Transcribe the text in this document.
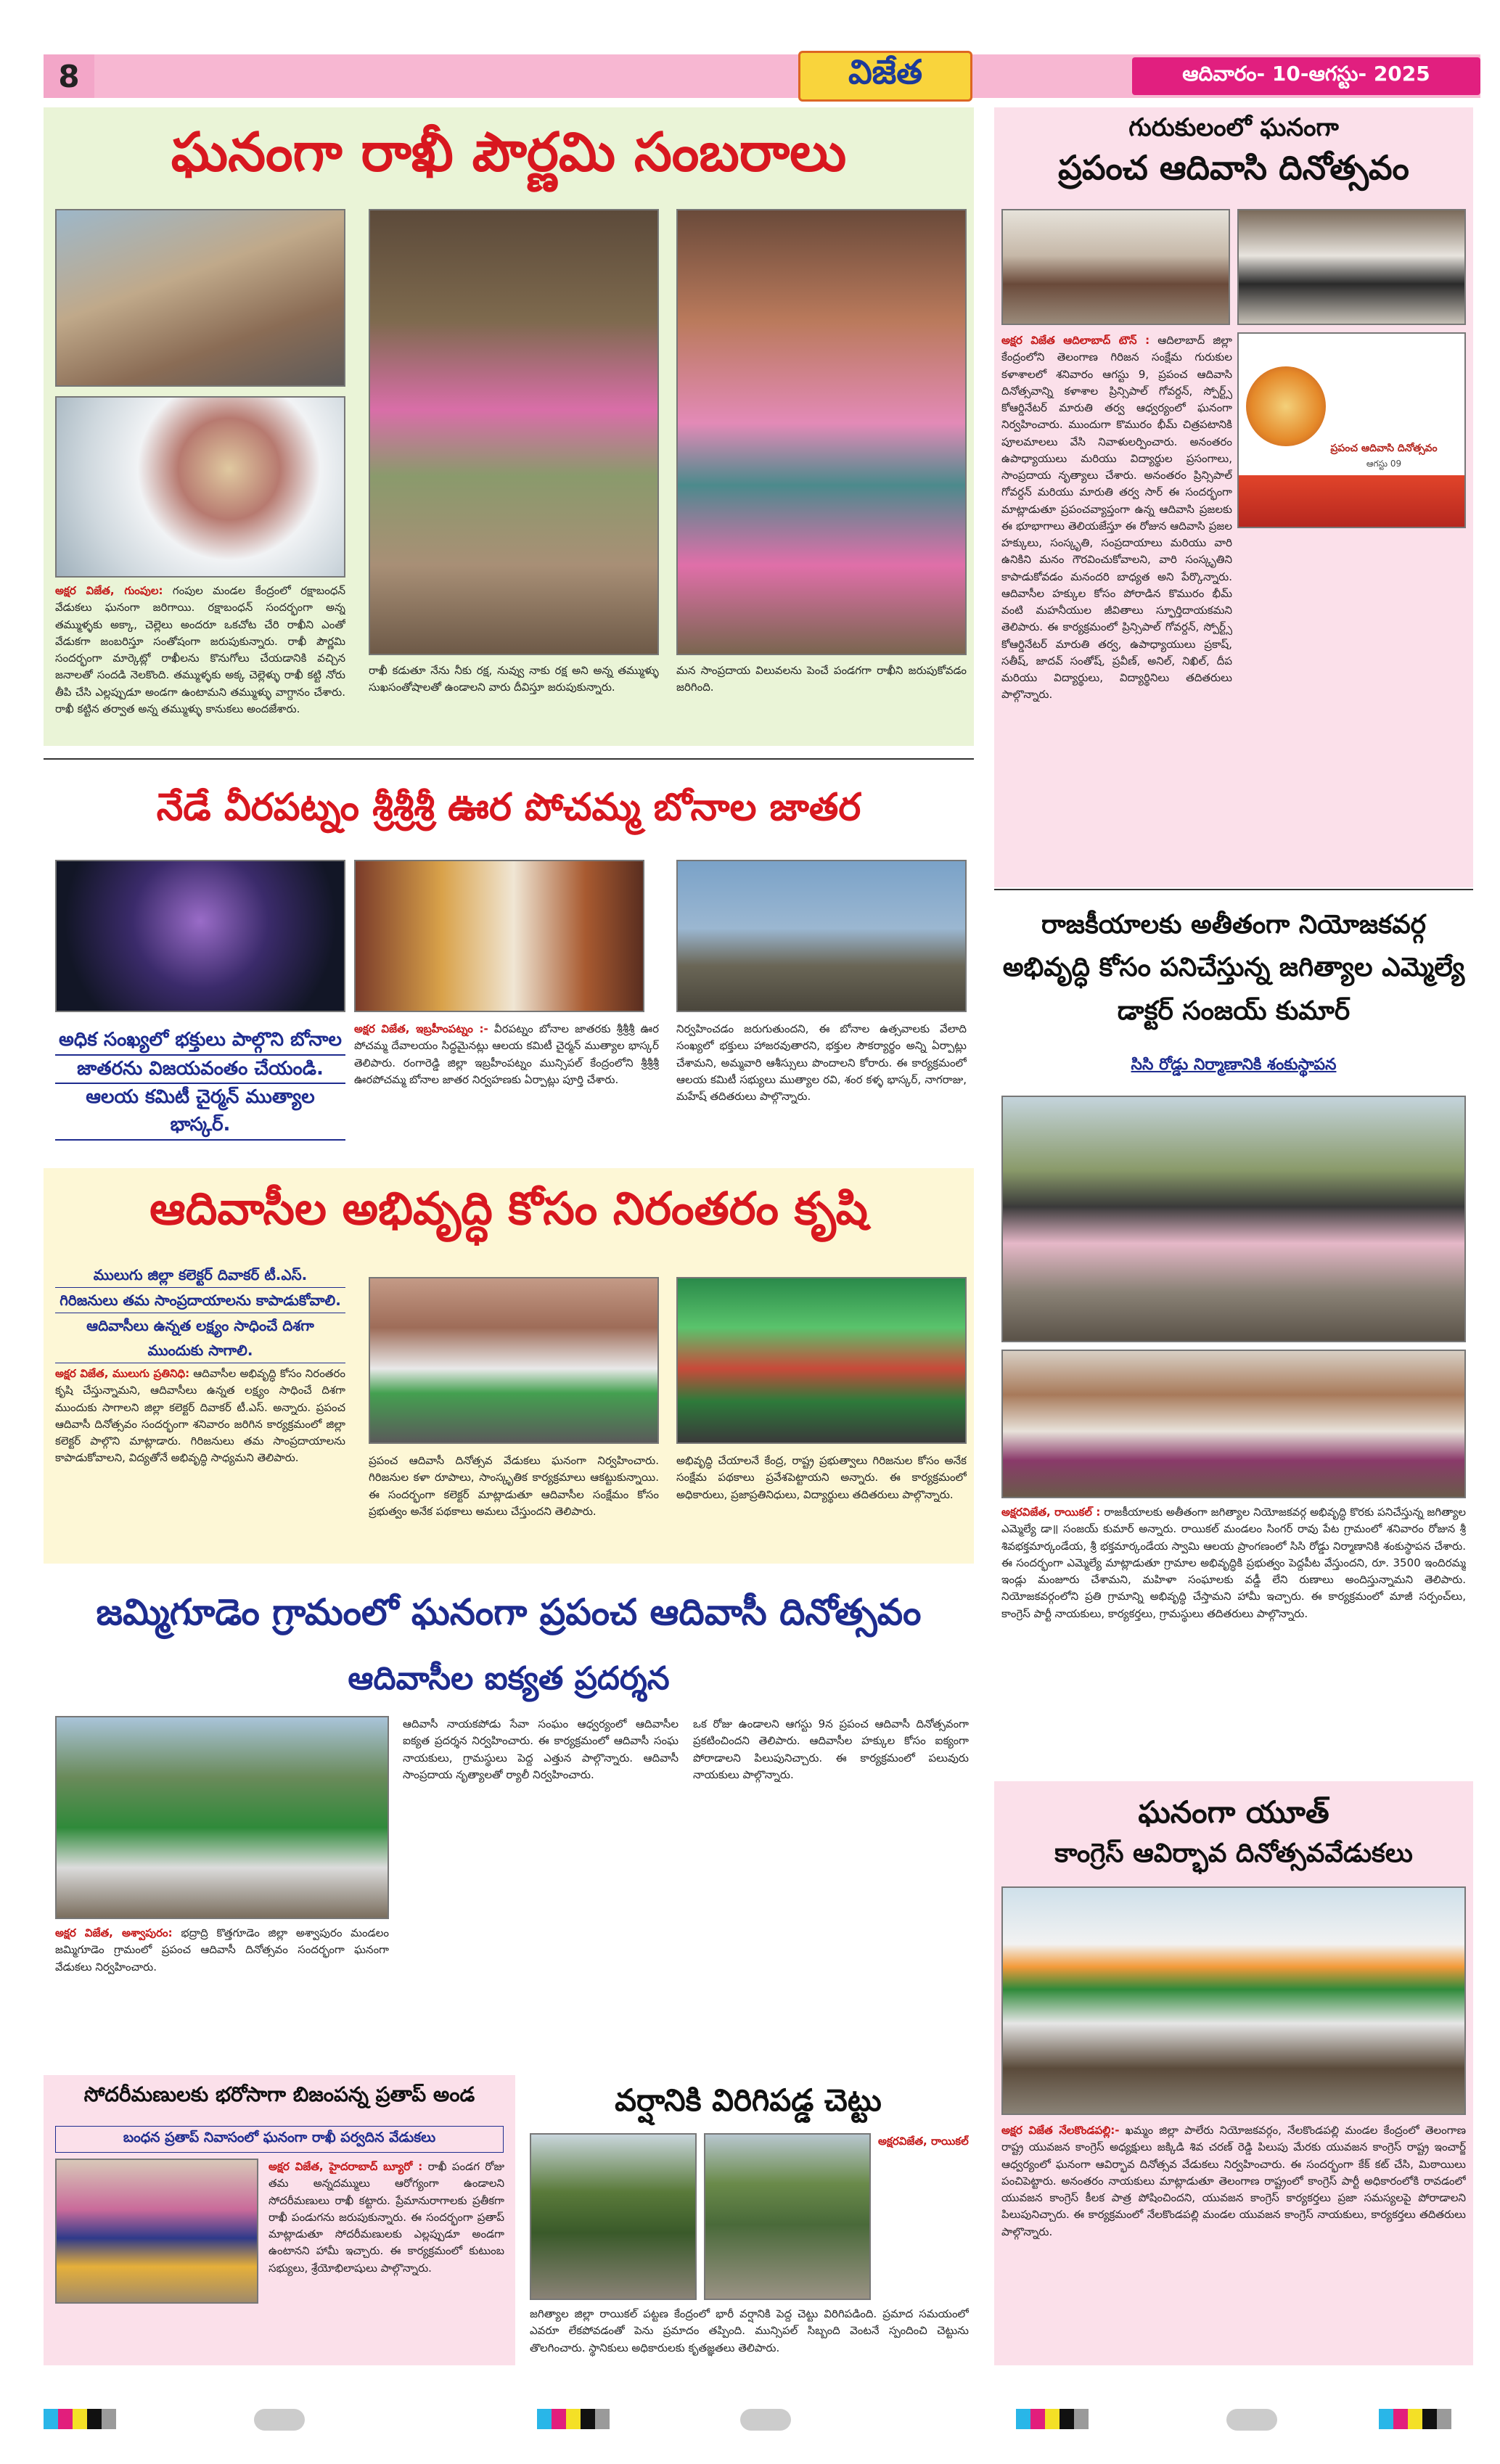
8	విజేత	ఆదివారం- 10-ఆగస్టు- 2025
ఘనంగా రాఖీ పౌర్ణమి సంబరాలు
అక్షర విజేత, గుంపుల: గంపుల మండల కేంద్రంలో రక్షాబంధన్ వేడుకలు ఘనంగా జరిగాయి. రక్షాబంధన్ సందర్భంగా అన్న తమ్ముళ్ళకు అక్కా, చెల్లెలు అందరూ ఒకచోట చేరి రాఖీని ఎంతో వేడుకగా జంబరిస్తూ సంతోషంగా జరుపుకున్నారు. రాఖీ పౌర్ణమి సందర్భంగా మార్కెట్లో రాఖీలను కొనుగోలు చేయడానికి వచ్చిన జనాలతో సందడి నెలకొంది. తమ్ముళ్ళకు అక్క చెల్లెళ్ళు రాఖీ కట్టి నోరు తీపి చేసి ఎల్లప్పుడూ అండగా ఉంటామని తమ్ముళ్ళు వాగ్దానం చేశారు. రాఖీ కట్టిన తర్వాత అన్న తమ్ముళ్ళు కానుకలు అందజేశారు.
రాఖీ కడుతూ నేను నీకు రక్ష, నువ్వు నాకు రక్ష అని అన్న తమ్ముళ్ళు సుఖసంతోషాలతో ఉండాలని వారు దీవిస్తూ జరుపుకున్నారు.
మన సాంప్రదాయ విలువలను పెంచే పండగగా రాఖీని జరుపుకోవడం జరిగింది.
నేడే వీరపట్నం శ్రీశ్రీశ్రీ ఊర పోచమ్మ బోనాల జాతర
అధిక సంఖ్యలో భక్తులు పాల్గొని బోనాల
జాతరను విజయవంతం చేయండి.
ఆలయ కమిటీ చైర్మన్ ముత్యాల భాస్కర్.
అక్షర విజేత, ఇబ్రహీంపట్నం :- వీరపట్నం బోనాల జాతరకు శ్రీశ్రీశ్రీ ఊర పోచమ్మ దేవాలయం సిద్ధమైనట్లు ఆలయ కమిటీ చైర్మన్ ముత్యాల భాస్కర్ తెలిపారు. రంగారెడ్డి జిల్లా ఇబ్రహీంపట్నం మున్సిపల్ కేంద్రంలోని శ్రీశ్రీశ్రీ ఊరపోచమ్మ బోనాల జాతర నిర్వహణకు ఏర్పాట్లు పూర్తి చేశారు.
నిర్వహించడం జరుగుతుందని, ఈ బోనాల ఉత్సవాలకు వేలాది సంఖ్యలో భక్తులు హాజరవుతారని, భక్తుల సౌకర్యార్థం అన్ని ఏర్పాట్లు చేశామని, అమ్మవారి ఆశీస్సులు పొందాలని కోరారు. ఈ కార్యక్రమంలో ఆలయ కమిటీ సభ్యులు ముత్యాల రవి, శంర కళ్ళ భాస్కర్, నాగరాజు, మహేష్ తదితరులు పాల్గొన్నారు.
ఆదివాసీల అభివృద్ధి కోసం నిరంతరం కృషి
ములుగు జిల్లా కలెక్టర్ దివాకర్ టీ.ఎస్.
గిరిజనులు తమ సాంప్రదాయాలను కాపాడుకోవాలి.
ఆదివాసీలు ఉన్నత లక్ష్యం సాధించే దిశగా
ముందుకు సాగాలి.
అక్షర విజేత, ములుగు ప్రతినిధి: ఆదివాసీల అభివృద్ధి కోసం నిరంతరం కృషి చేస్తున్నామని, ఆదివాసీలు ఉన్నత లక్ష్యం సాధించే దిశగా ముందుకు సాగాలని జిల్లా కలెక్టర్ దివాకర్ టీ.ఎస్. అన్నారు. ప్రపంచ ఆదివాసీ దినోత్సవం సందర్భంగా శనివారం జరిగిన కార్యక్రమంలో జిల్లా కలెక్టర్ పాల్గొని మాట్లాడారు. గిరిజనులు తమ సాంప్రదాయాలను కాపాడుకోవాలని, విద్యతోనే అభివృద్ధి సాధ్యమని తెలిపారు.	ప్రపంచ ఆదివాసీ దినోత్సవ వేడుకలు ఘనంగా నిర్వహించారు. గిరిజనుల కళా రూపాలు, సాంస్కృతిక కార్యక్రమాలు ఆకట్టుకున్నాయి. ఈ సందర్భంగా కలెక్టర్ మాట్లాడుతూ ఆదివాసీల సంక్షేమం కోసం ప్రభుత్వం అనేక పథకాలు అమలు చేస్తుందని తెలిపారు.
అభివృద్ధి చేయాలనే కేంద్ర, రాష్ట్ర ప్రభుత్వాలు గిరిజనుల కోసం అనేక సంక్షేమ పథకాలు ప్రవేశపెట్టాయని అన్నారు. ఈ కార్యక్రమంలో అధికారులు, ప్రజాప్రతినిధులు, విద్యార్థులు తదితరులు పాల్గొన్నారు.
జమ్మిగూడెం గ్రామంలో ఘనంగా ప్రపంచ ఆదివాసీ దినోత్సవం
ఆదివాసీల ఐక్యత ప్రదర్శన
అక్షర విజేత, అశ్వాపురం: భద్రాద్రి కొత్తగూడెం జిల్లా అశ్వాపురం మండలం జమ్మిగూడెం గ్రామంలో ప్రపంచ ఆదివాసీ దినోత్సవం సందర్భంగా ఘనంగా వేడుకలు నిర్వహించారు.
ఆదివాసీ నాయకపోడు సేవా సంఘం ఆధ్వర్యంలో ఆదివాసీల ఐక్యత ప్రదర్శన నిర్వహించారు. ఈ కార్యక్రమంలో ఆదివాసీ సంఘ నాయకులు, గ్రామస్థులు పెద్ద ఎత్తున పాల్గొన్నారు. ఆదివాసీ సాంప్రదాయ నృత్యాలతో ర్యాలీ నిర్వహించారు.
ఒక రోజు ఉండాలని ఆగస్టు 9న ప్రపంచ ఆదివాసీ దినోత్సవంగా ప్రకటించిందని తెలిపారు. ఆదివాసీల హక్కుల కోసం ఐక్యంగా పోరాడాలని పిలుపునిచ్చారు. ఈ కార్యక్రమంలో పలువురు నాయకులు పాల్గొన్నారు.
సోదరీమణులకు భరోసాగా బిజంపన్న ప్రతాప్ అండ
బంధన ప్రతాప్ నివాసంలో ఘనంగా రాఖీ పర్వదిన వేడుకలు
అక్షర విజేత, హైదరాబాద్ బ్యూరో : రాఖీ పండగ రోజు తమ అన్నదమ్ములు ఆరోగ్యంగా ఉండాలని సోదరీమణులు రాఖీ కట్టారు. ప్రేమానురాగాలకు ప్రతీకగా రాఖీ పండుగను జరుపుకున్నారు. ఈ సందర్భంగా ప్రతాప్ మాట్లాడుతూ సోదరీమణులకు ఎల్లప్పుడూ అండగా ఉంటానని హామీ ఇచ్చారు. ఈ కార్యక్రమంలో కుటుంబ సభ్యులు, శ్రేయోభిలాషులు పాల్గొన్నారు.
వర్షానికి విరిగిపడ్డ చెట్టు
అక్షరవిజేత, రాయికల్
జగిత్యాల జిల్లా రాయికల్ పట్టణ కేంద్రంలో భారీ వర్షానికి పెద్ద చెట్టు విరిగిపడింది. ప్రమాద సమయంలో ఎవరూ లేకపోవడంతో పెను ప్రమాదం తప్పింది. మున్సిపల్ సిబ్బంది వెంటనే స్పందించి చెట్టును తొలగించారు. స్థానికులు అధికారులకు కృతజ్ఞతలు తెలిపారు.
గురుకులంలో ఘనంగా
ప్రపంచ ఆదివాసి దినోత్సవం
ప్రపంచ ఆదివాసి దినోత్సవం
ఆగస్టు 09
అక్షర విజేత ఆదిలాబాద్ టౌన్ : ఆదిలాబాద్ జిల్లా కేంద్రంలోని తెలంగాణ గిరిజన సంక్షేమ గురుకుల కళాశాలలో శనివారం ఆగస్టు 9, ప్రపంచ ఆదివాసి దినోత్సవాన్ని కళాశాల ప్రిన్సిపాల్ గోవర్దన్, స్పోర్ట్స్ కోఆర్డినేటర్ మారుతి తర్వ ఆధ్వర్యంలో ఘనంగా నిర్వహించారు. ముందుగా కొమురం భీమ్ చిత్రపటానికి పూలమాలలు వేసి నివాళులర్పించారు. అనంతరం ఉపాధ్యాయులు మరియు విద్యార్థుల ప్రసంగాలు, సాంప్రదాయ నృత్యాలు చేశారు. అనంతరం ప్రిన్సిపాల్ గోవర్దన్ మరియు మారుతి తర్వ సార్ ఈ సందర్భంగా మాట్లాడుతూ ప్రపంచవ్యాప్తంగా ఉన్న ఆదివాసి ప్రజలకు ఈ భూభాగాలు తెలియజేస్తూ ఈ రోజున ఆదివాసి ప్రజల హక్కులు, సంస్కృతి, సంప్రదాయాలు మరియు వారి ఉనికిని మనం గౌరవించుకోవాలని, వారి సంస్కృతిని కాపాడుకోవడం మనందరి బాధ్యత అని పేర్కొన్నారు. ఆదివాసీల హక్కుల కోసం పోరాడిన కొమురం భీమ్ వంటి మహనీయుల జీవితాలు స్ఫూర్తిదాయకమని తెలిపారు. ఈ కార్యక్రమంలో ప్రిన్సిపాల్ గోవర్దన్, స్పోర్ట్స్ కోఆర్డినేటర్ మారుతి తర్వ, ఉపాధ్యాయులు ప్రకాష్, సతీష్, జాదవ్ సంతోష్, ప్రవీణ్, అనిల్, నిఖిల్, దీప మరియు విద్యార్థులు, విద్యార్థినిలు తదితరులు పాల్గొన్నారు.
రాజకీయాలకు అతీతంగా నియోజకవర్గ అభివృద్ధి కోసం పనిచేస్తున్న జగిత్యాల ఎమ్మెల్యే డాక్టర్ సంజయ్ కుమార్
సిసి రోడ్డు నిర్మాణానికి శంకుస్థాపన
అక్షరవిజేత, రాయికల్ : రాజకీయాలకు అతీతంగా జగిత్యాల నియోజకవర్గ అభివృద్ధి కొరకు పనిచేస్తున్న జగిత్యాల ఎమ్మెల్యే డా॥ సంజయ్ కుమార్ అన్నారు. రాయికల్ మండలం సింగర్ రావు పేట గ్రామంలో శనివారం రోజున శ్రీ శివభక్తమార్కండేయ, శ్రీ భక్తమార్కండేయ స్వామి ఆలయ ప్రాంగణంలో సిసి రోడ్డు నిర్మాణానికి శంకుస్థాపన చేశారు. ఈ సందర్భంగా ఎమ్మెల్యే మాట్లాడుతూ గ్రామాల అభివృద్ధికి ప్రభుత్వం పెద్దపీట వేస్తుందని, రూ. 3500 ఇందిరమ్మ ఇండ్లు మంజూరు చేశామని, మహిళా సంఘాలకు వడ్డీ లేని రుణాలు అందిస్తున్నామని తెలిపారు. నియోజకవర్గంలోని ప్రతి గ్రామాన్ని అభివృద్ధి చేస్తామని హామీ ఇచ్చారు. ఈ కార్యక్రమంలో మాజీ సర్పంచ్‌లు, కాంగ్రెస్ పార్టీ నాయకులు, కార్యకర్తలు, గ్రామస్థులు తదితరులు పాల్గొన్నారు.
ఘనంగా యూత్
కాంగ్రెస్ ఆవిర్భావ దినోత్సవవేడుకలు
అక్షర విజేత నేలకొండపల్లి:- ఖమ్మం జిల్లా పాలేరు నియోజకవర్గం, నేలకొండపల్లి మండల కేంద్రంలో తెలంగాణ రాష్ట్ర యువజన కాంగ్రెస్ అధ్యక్షులు జక్కిడి శివ చరణ్ రెడ్డి పిలుపు మేరకు యువజన కాంగ్రెస్ రాష్ట్ర ఇంచార్జ్ ఆధ్వర్యంలో ఘనంగా ఆవిర్భావ దినోత్సవ వేడుకలు నిర్వహించారు. ఈ సందర్భంగా కేక్ కట్ చేసి, మిఠాయిలు పంచిపెట్టారు. అనంతరం నాయకులు మాట్లాడుతూ తెలంగాణ రాష్ట్రంలో కాంగ్రెస్ పార్టీ అధికారంలోకి రావడంలో యువజన కాంగ్రెస్ కీలక పాత్ర పోషించిందని, యువజన కాంగ్రెస్ కార్యకర్తలు ప్రజా సమస్యలపై పోరాడాలని పిలుపునిచ్చారు. ఈ కార్యక్రమంలో నేలకొండపల్లి మండల యువజన కాంగ్రెస్ నాయకులు, కార్యకర్తలు తదితరులు పాల్గొన్నారు.
